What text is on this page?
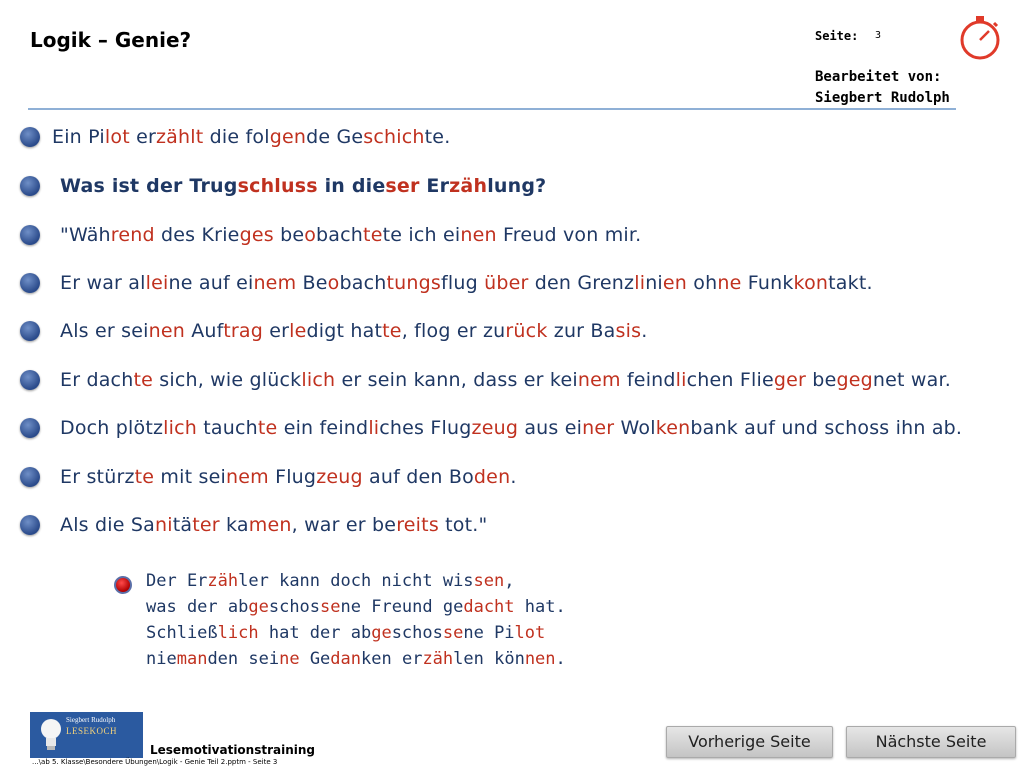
Logik – Genie?	Seite: 3
Bearbeitet von:
Siegbert Rudolph
Ein Pilot erzählt die folgende Geschichte.
Was ist der Trugschluss in dieser Erzählung?
"Während des Krieges beobachtete ich einen Freud von mir.
Er war alleine auf einem Beobachtungsflug über den Grenzlinien ohne Funkkontakt.
Als er seinen Auftrag erledigt hatte, flog er zurück zur Basis.
Er dachte sich, wie glücklich er sein kann, dass er keinem feindlichen Flieger begegnet war.
Doch plötzlich tauchte ein feindliches Flugzeug aus einer Wolkenbank auf und schoss ihn ab.
Er stürzte mit seinem Flugzeug auf den Boden.
Als die Sanitäter kamen, war er bereits tot."
Der Erzähler kann doch nicht wissen,
was der abgeschossene Freund gedacht hat.
Schließlich hat der abgeschossene Pilot
niemanden seine Gedanken erzählen können.
Siegbert Rudolph
LESEKOCH
Lesemotivationstraining
...\ab 5. Klasse\Besondere Übungen\Logik - Genie Teil 2.pptm - Seite 3
Vorherige Seite	Nächste Seite
